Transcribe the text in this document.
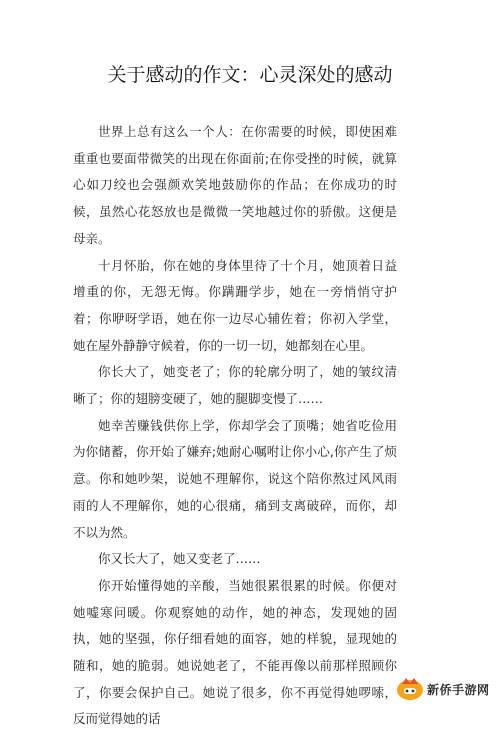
关于感动的作文：心灵深处的感动

世界上总有这么一个人：在你需要的时候，即使困难重重也要面带微笑的出现在你面前;在你受挫的时候，就算心如刀绞也会强颜欢笑地鼓励你的作品；在你成功的时候，虽然心花怒放也是微微一笑地越过你的骄傲。这便是母亲。

十月怀胎，你在她的身体里待了十个月，她顶着日益增重的你，无怨无悔。你蹒跚学步，她在一旁悄悄守护着；你咿呀学语，她在你一边尽心辅佐着；你初入学堂，她在屋外静静守候着，你的一切一切，她都刻在心里。

你长大了，她变老了；你的轮廓分明了，她的皱纹清晰了；你的翅膀变硬了，她的腿脚变慢了……

她幸苦赚钱供你上学，你却学会了顶嘴；她省吃俭用为你储蓄，你开始了嫌弃;她耐心嘱咐让你小心,你产生了烦意。你和她吵架，说她不理解你，说这个陪你熬过风风雨雨的人不理解你，她的心很痛，痛到支离破碎，而你，却不以为然。

你又长大了，她又变老了……

你开始懂得她的辛酸，当她很累很累的时候。你便对她嘘寒问暖。你观察她的动作，她的神态，发现她的固执，她的坚强，你仔细看她的面容，她的样貌，显现她的随和，她的脆弱。她说她老了，不能再像以前那样照顾你了，你要会保护自己。她说了很多，你不再觉得她啰嗦，反而觉得她的话

新侨手游网
